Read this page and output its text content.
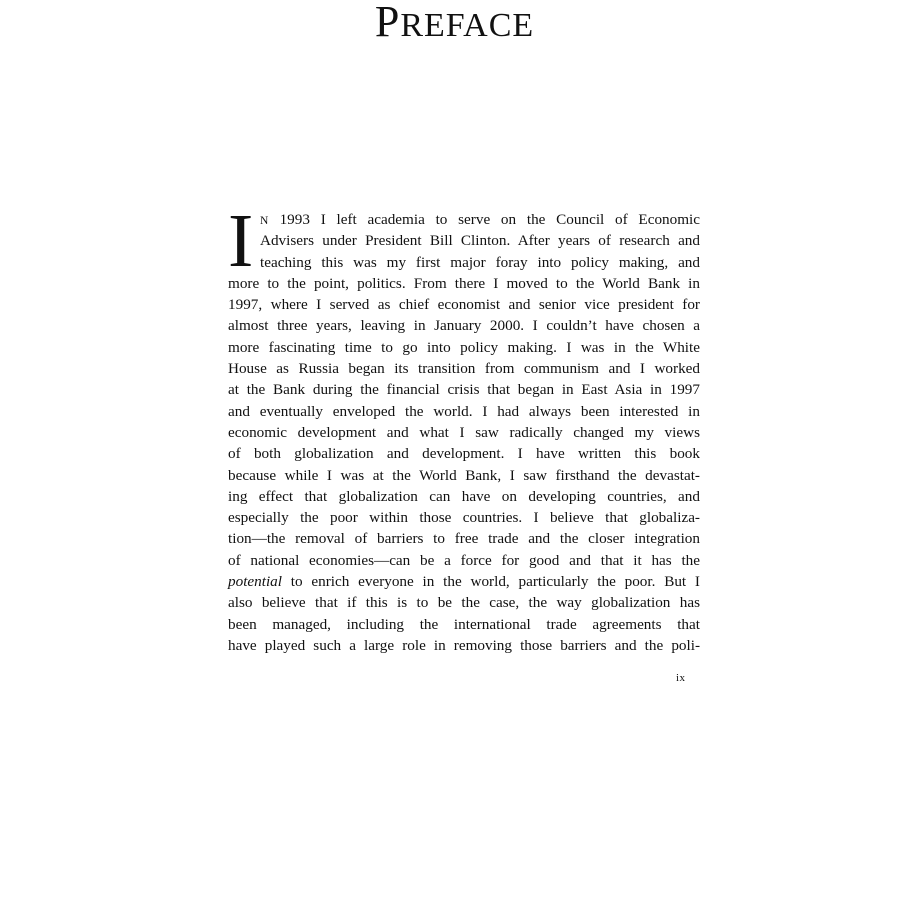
PREFACE
I N 1993 I left academia to serve on the Council of Economic
Advisers under President Bill Clinton. After years of research and
teaching this was my first major foray into policy making, and
more to the point, politics. From there I moved to the World Bank in
1997, where I served as chief economist and senior vice president for
almost three years, leaving in January 2000. I couldn’t have chosen a
more fascinating time to go into policy making. I was in the White
House as Russia began its transition from communism and I worked
at the Bank during the financial crisis that began in East Asia in 1997
and eventually enveloped the world. I had always been interested in
economic development and what I saw radically changed my views
of both globalization and development. I have written this book
because while I was at the World Bank, I saw firsthand the devastat-
ing effect that globalization can have on developing countries, and
especially the poor within those countries. I believe that globaliza-
tion—the removal of barriers to free trade and the closer integration
of national economies—can be a force for good and that it has the
potential to enrich everyone in the world, particularly the poor. But I
also believe that if this is to be the case, the way globalization has
been managed, including the international trade agreements that
have played such a large role in removing those barriers and the poli-
ix
